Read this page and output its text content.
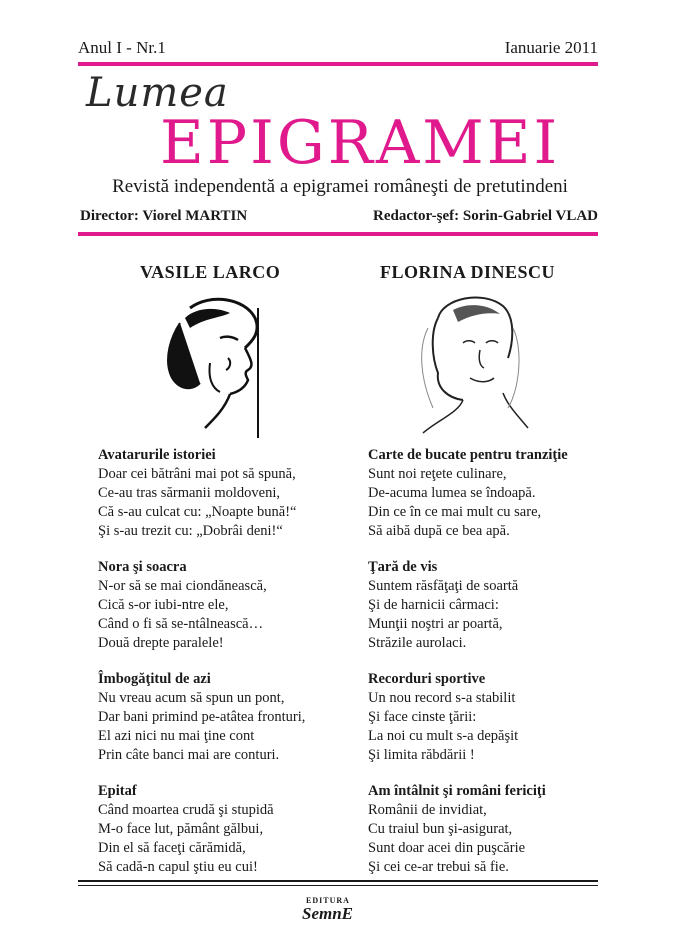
Anul I - Nr.1	Ianuarie 2011
Lumea
EPIGRAMEI
Revistă independentă a epigramei româneşti de pretutindeni
Director: Viorel MARTIN	Redactor-şef: Sorin-Gabriel VLAD
VASILE LARCO	FLORINA DINESCU
Avatarurile istoriei
Doar cei bătrâni mai pot să spună,
Ce-au tras sărmanii moldoveni,
Că s-au culcat cu: „Noapte bună!“
Şi s-au trezit cu: „Dobrâi deni!“
Nora şi soacra
N-or să se mai ciondănească,
Cică s-or iubi-ntre ele,
Când o fi să se-ntâlnească…
Două drepte paralele!
Îmbogăţitul de azi
Nu vreau acum să spun un pont,
Dar bani primind pe-atâtea fronturi,
El azi nici nu mai ţine cont
Prin câte banci mai are conturi.
Epitaf
Când moartea crudă şi stupidă
M-o face lut, pământ gălbui,
Din el să faceţi cărămidă,
Să cadă-n capul ştiu eu cui!
Carte de bucate pentru tranziţie
Sunt noi reţete culinare,
De-acuma lumea se îndoapă.
Din ce în ce mai mult cu sare,
Să aibă după ce bea apă.
Ţară de vis
Suntem răsfăţaţi de soartă
Şi de harnicii cârmaci:
Munţii noştri ar poartă,
Străzile aurolaci.
Recorduri sportive
Un nou record s-a stabilit
Şi face cinste ţării:
La noi cu mult s-a depăşit
Şi limita răbdării !
Am întâlnit şi români fericiţi
Românii de invidiat,
Cu traiul bun şi-asigurat,
Sunt doar acei din puşcărie
Şi cei ce-ar trebui să fie.
EDITURA
SemnE
